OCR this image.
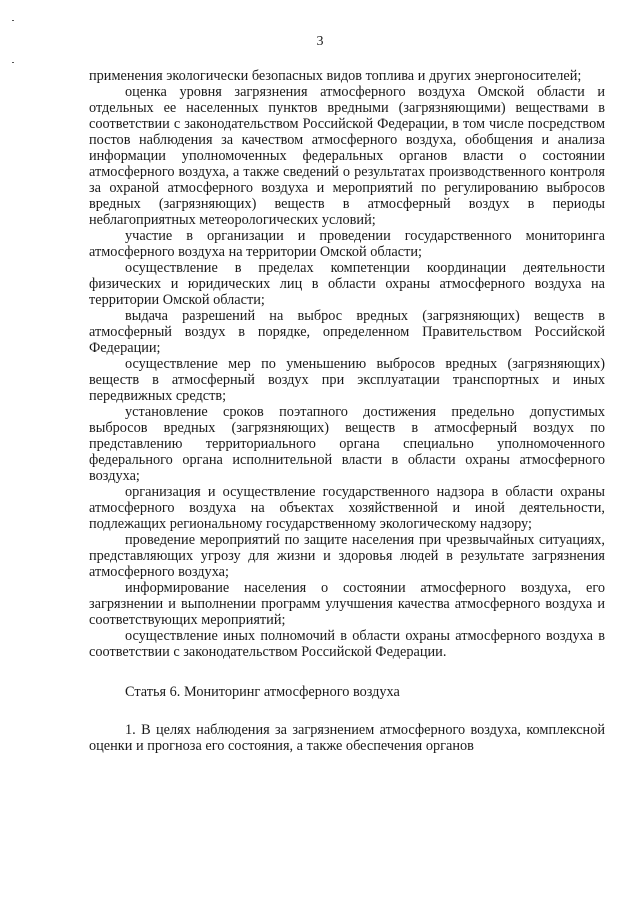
3

применения экологически безопасных видов топлива и других энергоносителей;

оценка уровня загрязнения атмосферного воздуха Омской области и отдельных ее населенных пунктов вредными (загрязняющими) веществами в соответствии с законодательством Российской Федерации, в том числе посредством постов наблюдения за качеством атмосферного воздуха, обобщения и анализа информации уполномоченных федеральных органов власти о состоянии атмосферного воздуха, а также сведений о результатах производственного контроля за охраной атмосферного воздуха и мероприятий по регулированию выбросов вредных (загрязняющих) веществ в атмосферный воздух в периоды неблагоприятных метеорологических условий;

участие в организации и проведении государственного мониторинга атмосферного воздуха на территории Омской области;

осуществление в пределах компетенции координации деятельности физических и юридических лиц в области охраны атмосферного воздуха на территории Омской области;

выдача разрешений на выброс вредных (загрязняющих) веществ в атмосферный воздух в порядке, определенном Правительством Российской Федерации;

осуществление мер по уменьшению выбросов вредных (загрязняющих) веществ в атмосферный воздух при эксплуатации транспортных и иных передвижных средств;

установление сроков поэтапного достижения предельно допустимых выбросов вредных (загрязняющих) веществ в атмосферный воздух по представлению территориального органа специально уполномоченного федерального органа исполнительной власти в области охраны атмосферного воздуха;

организация и осуществление государственного надзора в области охраны атмосферного воздуха на объектах хозяйственной и иной деятельности, подлежащих региональному государственному экологическому надзору;

проведение мероприятий по защите населения при чрезвычайных ситуациях, представляющих угрозу для жизни и здоровья людей в результате загрязнения атмосферного воздуха;

информирование населения о состоянии атмосферного воздуха, его загрязнении и выполнении программ улучшения качества атмосферного воздуха и соответствующих мероприятий;

осуществление иных полномочий в области охраны атмосферного воздуха в соответствии с законодательством Российской Федерации.

Статья 6. Мониторинг атмосферного воздуха

1. В целях наблюдения за загрязнением атмосферного воздуха, комплексной оценки и прогноза его состояния, а также обеспечения органов
